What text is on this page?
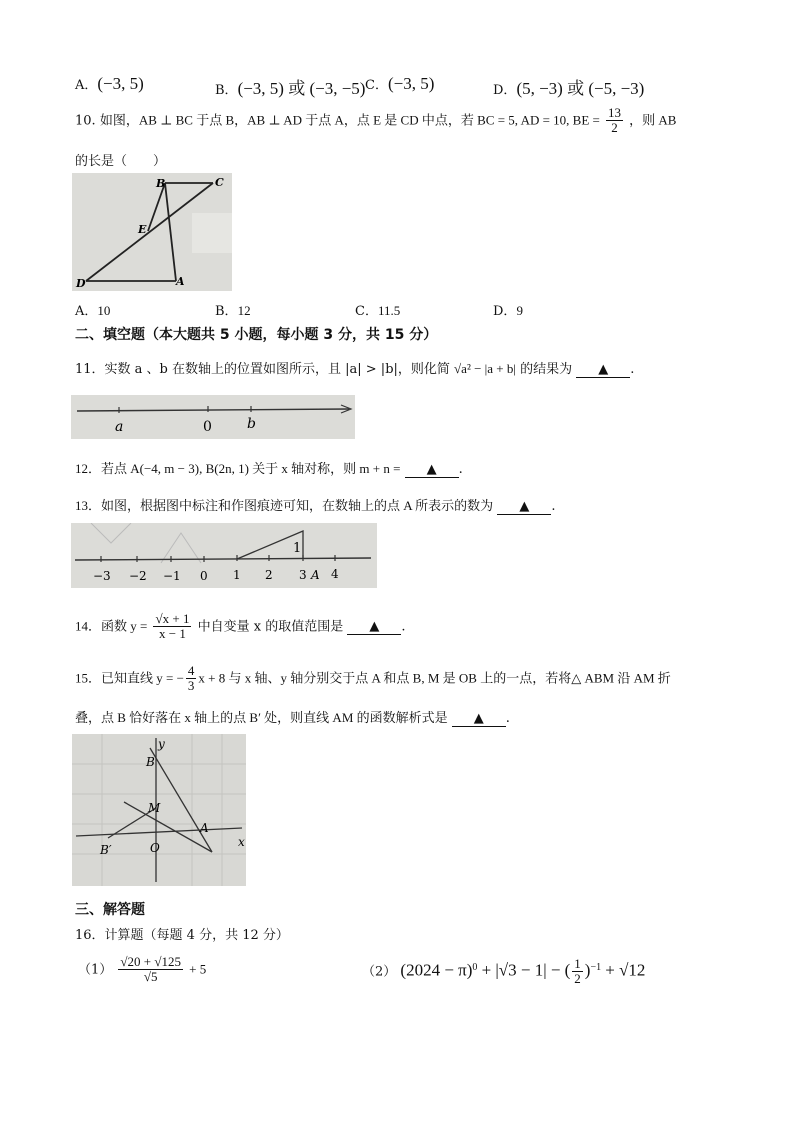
A．(−3, 5)	B．(−3, 5) 或 (−3, −5) C．(−3, 5)	D．(5, −3) 或 (−5, −3)
10. 如图，AB ⊥ BC 于点 B，AB ⊥ AD 于点 A，点 E 是 CD 中点，若 BC = 5, AD = 10, BE = $\frac{13}{2}$ ，则 AB
的长是（　　）
B	C
E
D	A
A．10	B．12	C．11.5	D．9
二、填空题（本大题共 5 小题，每小题 3 分，共 15 分）
11．实数 a 、b 在数轴上的位置如图所示，且 |a| > |b|，则化简 √a² − |a + b| 的结果为 ▲ .
a	0	b
12．若点 A(−4, m − 3), B(2n, 1) 关于 x 轴对称，则 m + n = ▲ .
13．如图，根据图中标注和作图痕迹可知，在数轴上的点 A 所表示的数为 ▲ .
1
−3 −2 −1 0 1 2 3 4
A
14．函数 $y = \frac{√x + 1}{x - 1}$ 中自变量 x 的取值范围是 ▲ .
15．已知直线 y = − $\frac{4}{3}$ x + 8 与 x 轴、y 轴分别交于点 A 和点 B, M 是 OB 上的一点，若将△ ABM 沿 AM 折
叠，点 B 恰好落在 x 轴上的点 B′ 处，则直线 AM 的函数解析式是 ▲ .
y
B
M
A
B′	O	x
三、解答题
16．计算题（每题 4 分，共 12 分）
$(1) \frac{√20 + √125}{√5} + 5$	（2） $(2024 - \pi)^0 + |√3 - 1|$ − ( $\frac{1}{2} )^{-1} + √12$
